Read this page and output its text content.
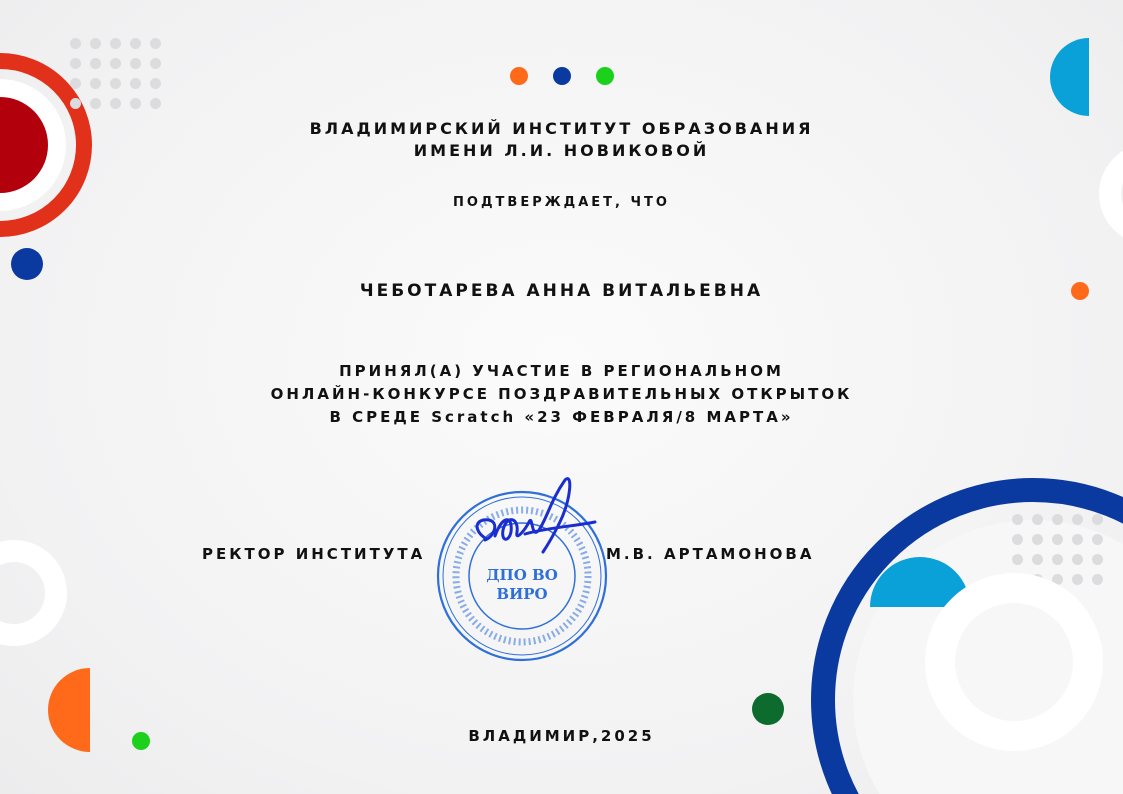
ВЛАДИМИРСКИЙ ИНСТИТУТ ОБРАЗОВАНИЯ
ИМЕНИ Л.И. НОВИКОВОЙ
ПОДТВЕРЖДАЕТ, ЧТО
ЧЕБОТАРЕВА АННА ВИТАЛЬЕВНА
ПРИНЯЛ(А) УЧАСТИЕ В РЕГИОНАЛЬНОМ
ОНЛАЙН-КОНКУРСЕ ПОЗДРАВИТЕЛЬНЫХ ОТКРЫТОК
В СРЕДЕ Scratch «23 ФЕВРАЛЯ/8 МАРТА»
РЕКТОР ИНСТИТУТА	М.В. АРТАМОНОВА
ДПО ВО
ВИРО
ВЛАДИМИР,2025
